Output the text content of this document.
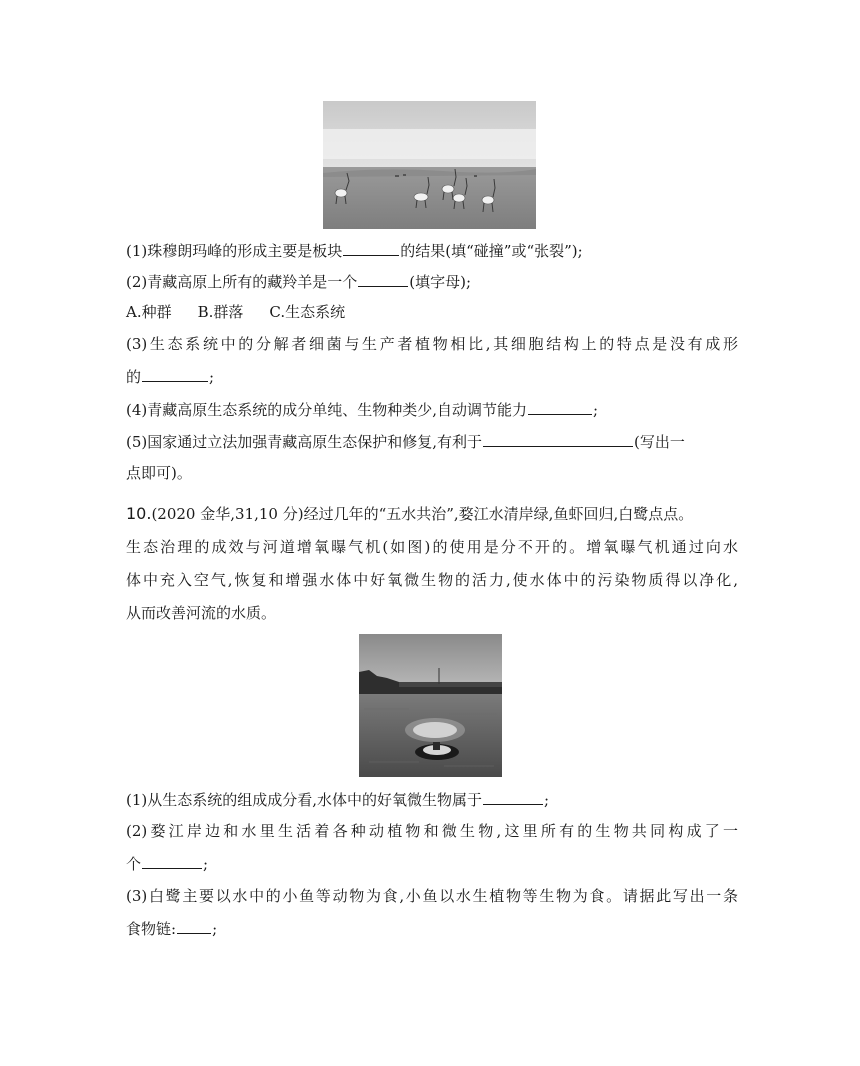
(1)珠穆朗玛峰的形成主要是板块	的结果(填“碰撞”或“张裂”);
(2)青藏高原上所有的藏羚羊是一个	(填字母);
A.种群 B.群落 C.生态系统
(3)生态系统中的分解者细菌与生产者植物相比,其细胞结构上的特点是没有成形
的	;
(4)青藏高原生态系统的成分单纯、生物种类少,自动调节能力	;
(5)国家通过立法加强青藏高原生态保护和修复,有利于	(写出一
点即可)。
10.(2020 金华,31,10 分)经过几年的“五水共治”,婺江水清岸绿,鱼虾回归,白鹭点点。
生态治理的成效与河道增氧曝气机(如图)的使用是分不开的。增氧曝气机通过向水
体中充入空气,恢复和增强水体中好氧微生物的活力,使水体中的污染物质得以净化,
从而改善河流的水质。
(1)从生态系统的组成成分看,水体中的好氧微生物属于	;
(2)婺江岸边和水里生活着各种动植物和微生物,这里所有的生物共同构成了一
个	;
(3)白鹭主要以水中的小鱼等动物为食,小鱼以水生植物等生物为食。请据此写出一条
食物链: ;
